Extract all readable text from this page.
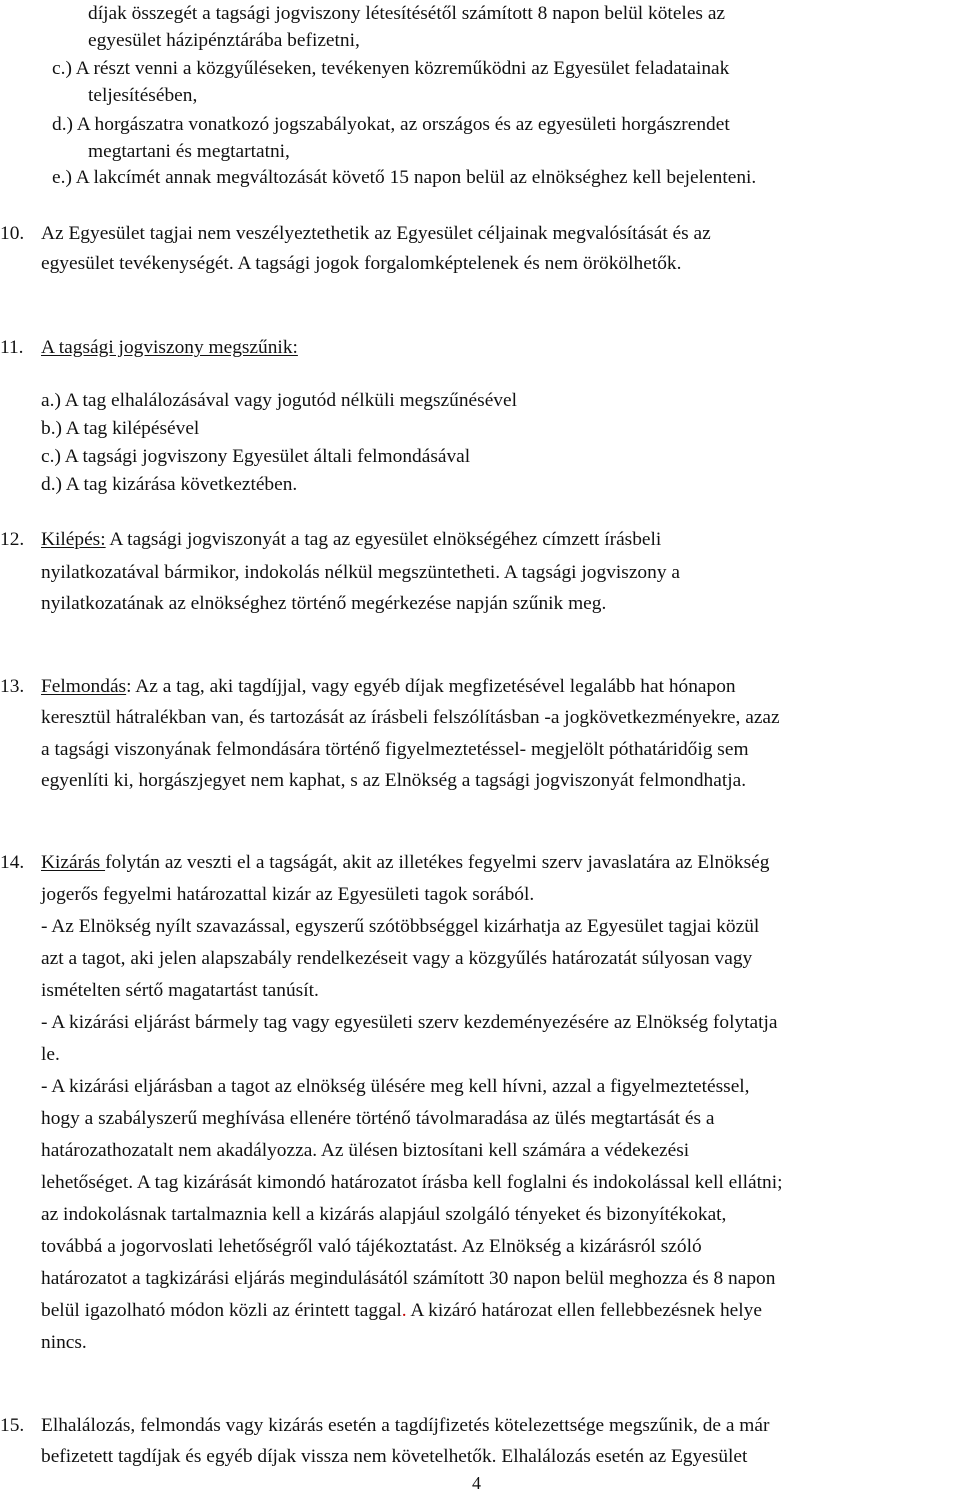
díjak összegét a tagsági jogviszony létesítésétől számított 8 napon belül köteles az
egyesület házipénztárába befizetni,
c.) A részt venni a közgyűléseken, tevékenyen közreműködni az Egyesület feladatainak
teljesítésében,
d.) A horgászatra vonatkozó jogszabályokat, az országos és az egyesületi horgászrendet
megtartani és megtartatni,
e.) A lakcímét annak megváltozását követő 15 napon belül az elnökséghez kell bejelenteni.
10. Az Egyesület tagjai nem veszélyeztethetik az Egyesület céljainak megvalósítását és az
egyesület tevékenységét. A tagsági jogok forgalomképtelenek és nem örökölhetők.
11. A tagsági jogviszony megszűnik:
a.) A tag elhalálozásával vagy jogutód nélküli megszűnésével
b.) A tag kilépésével
c.) A tagsági jogviszony Egyesület általi felmondásával
d.) A tag kizárása következtében.
12. Kilépés: A tagsági jogviszonyát a tag az egyesület elnökségéhez címzett írásbeli
nyilatkozatával bármikor, indokolás nélkül megszüntetheti. A tagsági jogviszony a
nyilatkozatának az elnökséghez történő megérkezése napján szűnik meg.
13. Felmondás: Az a tag, aki tagdíjjal, vagy egyéb díjak megfizetésével legalább hat hónapon
keresztül hátralékban van, és tartozását az írásbeli felszólításban -a jogkövetkezményekre, azaz
a tagsági viszonyának felmondására történő figyelmeztetéssel- megjelölt póthatáridőig sem
egyenlíti ki, horgászjegyet nem kaphat, s az Elnökség a tagsági jogviszonyát felmondhatja.
14. Kizárás folytán az veszti el a tagságát, akit az illetékes fegyelmi szerv javaslatára az Elnökség
jogerős fegyelmi határozattal kizár az Egyesületi tagok sorából.
- Az Elnökség nyílt szavazással, egyszerű szótöbbséggel kizárhatja az Egyesület tagjai közül
azt a tagot, aki jelen alapszabály rendelkezéseit vagy a közgyűlés határozatát súlyosan vagy
ismételten sértő magatartást tanúsít.
- A kizárási eljárást bármely tag vagy egyesületi szerv kezdeményezésére az Elnökség folytatja
le.
- A kizárási eljárásban a tagot az elnökség ülésére meg kell hívni, azzal a figyelmeztetéssel,
hogy a szabályszerű meghívása ellenére történő távolmaradása az ülés megtartását és a
határozathozatalt nem akadályozza. Az ülésen biztosítani kell számára a védekezési
lehetőséget. A tag kizárását kimondó határozatot írásba kell foglalni és indokolással kell ellátni;
az indokolásnak tartalmaznia kell a kizárás alapjául szolgáló tényeket és bizonyítékokat,
továbbá a jogorvoslati lehetőségről való tájékoztatást. Az Elnökség a kizárásról szóló
határozatot a tagkizárási eljárás megindulásától számított 30 napon belül meghozza és 8 napon
belül igazolható módon közli az érintett taggal. A kizáró határozat ellen fellebbezésnek helye
nincs.
15. Elhalálozás, felmondás vagy kizárás esetén a tagdíjfizetés kötelezettsége megszűnik, de a már
befizetett tagdíjak és egyéb díjak vissza nem követelhetők. Elhalálozás esetén az Egyesület
4
